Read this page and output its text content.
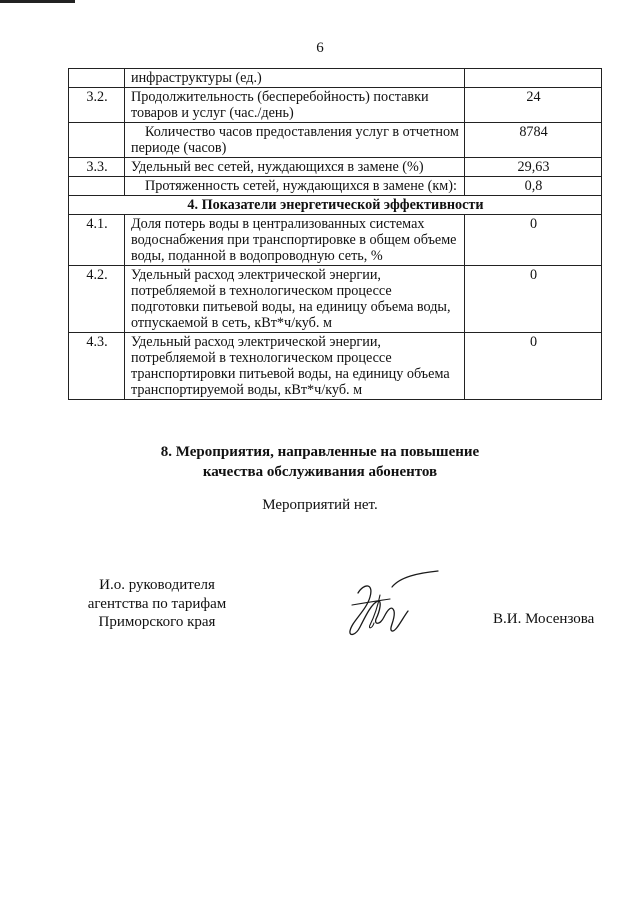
6
	инфраструктуры (ед.)	
3.2.	Продолжительность (бесперебойность) поставки товаров и услуг (час./день)	24
	Количество часов предоставления услуг в отчетном периоде (часов)	8784
3.3.	Удельный вес сетей, нуждающихся в замене (%)	29,63
	Протяженность сетей, нуждающихся в замене (км):	0,8
4. Показатели энергетической эффективности		
4.1.	Доля потерь воды в централизованных системах водоснабжения при транспортировке в общем объеме воды, поданной в водопроводную сеть, %	0
4.2.	Удельный расход электрической энергии, потребляемой в технологическом процессе подготовки питьевой воды, на единицу объема воды, отпускаемой в сеть, кВт*ч/куб. м	0
4.3.	Удельный расход электрической энергии, потребляемой в технологическом процессе транспортировки питьевой воды, на единицу объема транспортируемой воды, кВт*ч/куб. м	0
8. Мероприятия, направленные на повышение
качества обслуживания абонентов
Мероприятий нет.
И.о. руководителя
агентства по тарифам
Приморского края	В.И. Мосензова
